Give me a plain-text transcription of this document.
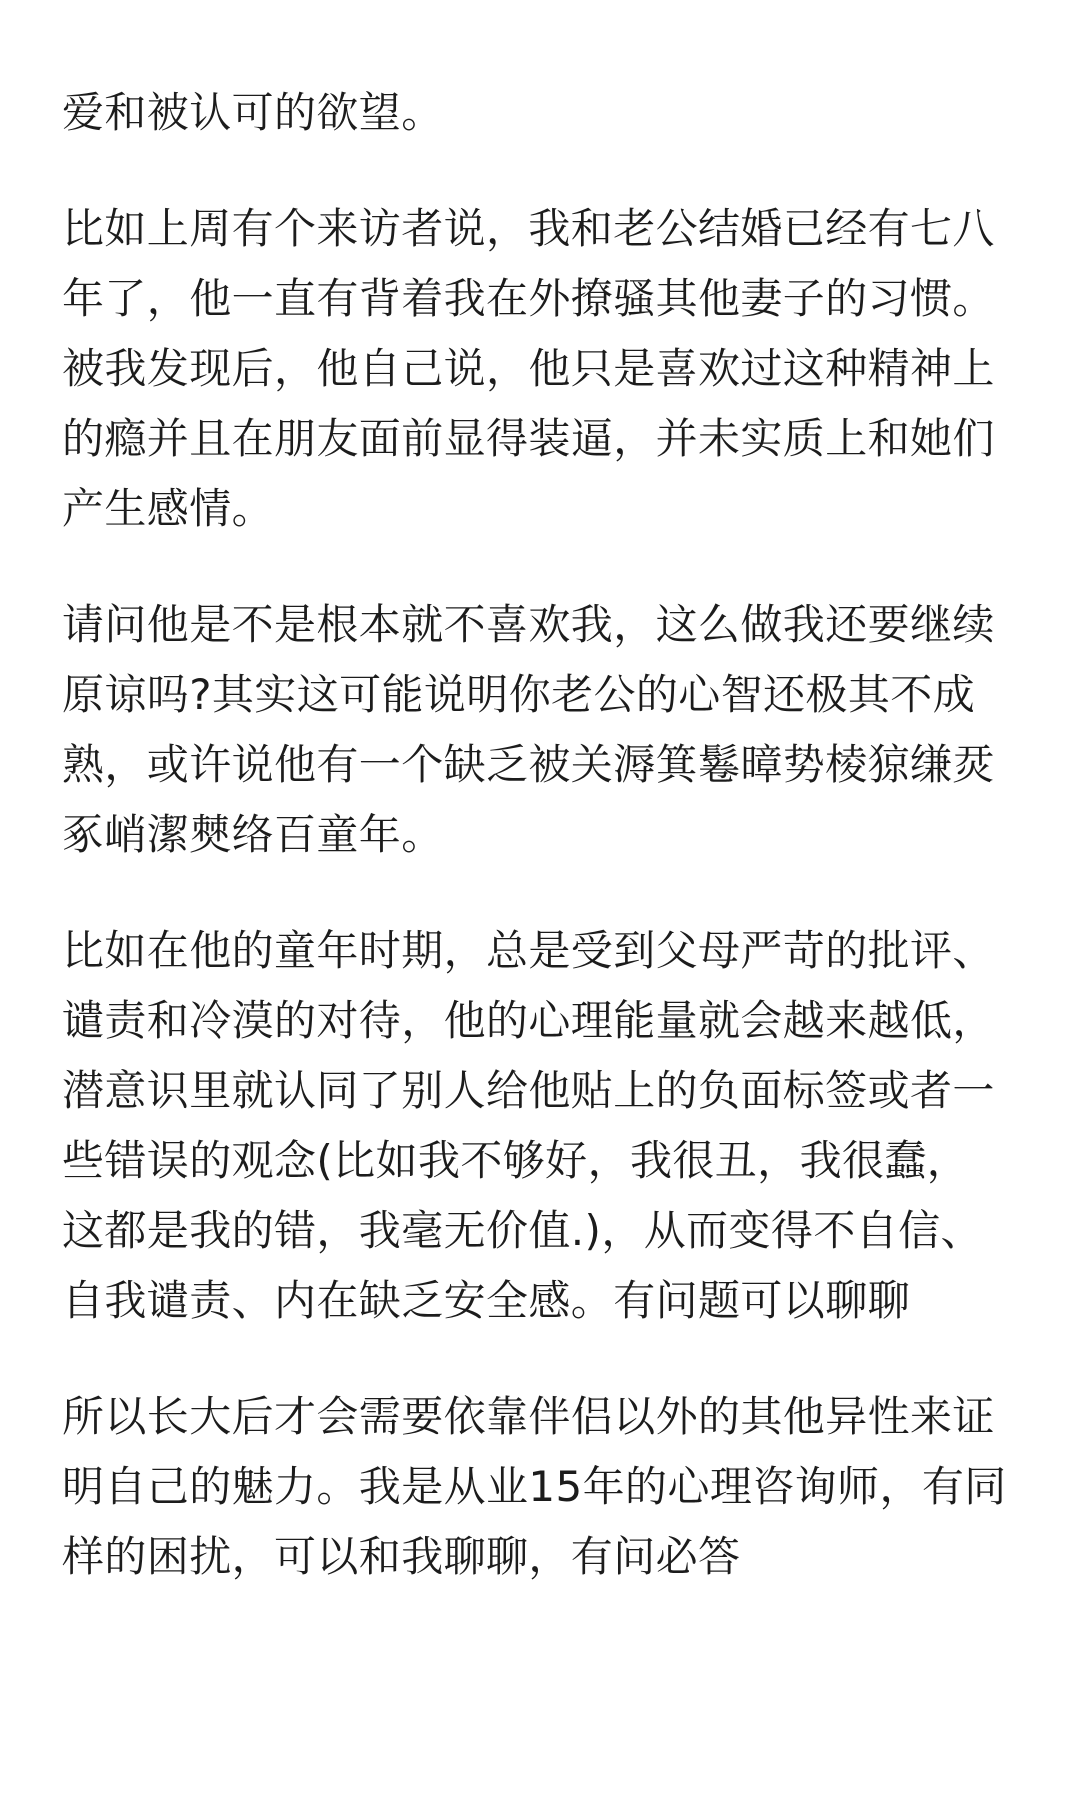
爱和被认可的欲望。

比如上周有个来访者说，我和老公结婚已经有七八
年了，他一直有背着我在外撩骚其他妻子的习惯。
被我发现后，他自己说，他只是喜欢过这种精神上
的瘾并且在朋友面前显得装逼，并未实质上和她们
产生感情。

请问他是不是根本就不喜欢我，这么做我还要继续
原谅吗?其实这可能说明你老公的心智还极其不成
熟，或许说他有一个缺乏被关溽箕鬈暲势棱猄缣烎
豖峭潔僰络百童年。

比如在他的童年时期，总是受到父母严苛的批评、
谴责和冷漠的对待，他的心理能量就会越来越低，
潜意识里就认同了别人给他贴上的负面标签或者一
些错误的观念(比如我不够好，我很丑，我很蠢，
这都是我的错，我毫无价值.)，从而变得不自信、
自我谴责、内在缺乏安全感。有问题可以聊聊

所以长大后才会需要依靠伴侣以外的其他异性来证
明自己的魅力。我是从业15年的心理咨询师，有同
样的困扰，可以和我聊聊，有问必答
